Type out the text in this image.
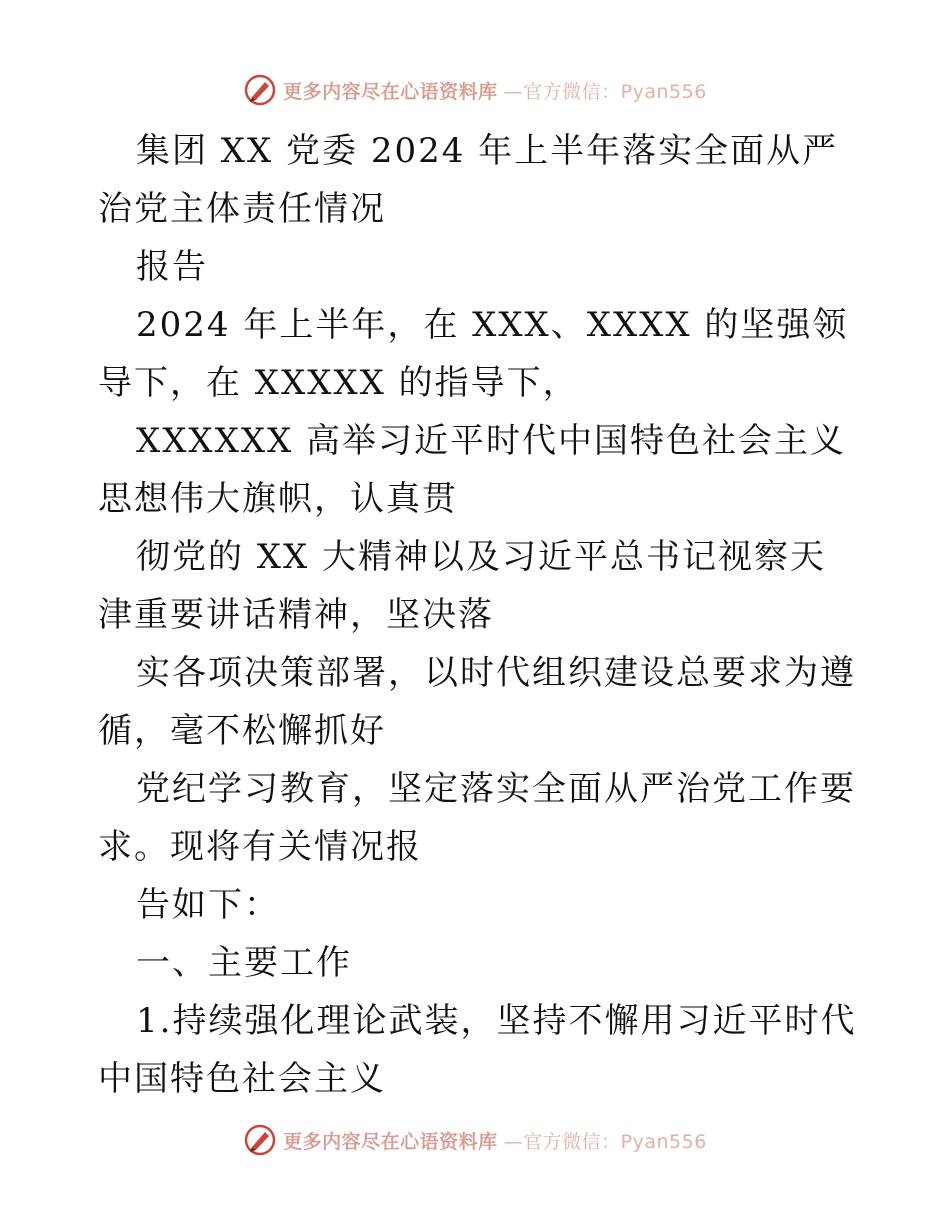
更多内容尽在心语资料库 —官方微信：Pyan556

集团 XX 党委 2024 年上半年落实全面从严治党主体责任情况

报告

2024 年上半年，在 XXX、XXXX 的坚强领导下，在 XXXXX 的指导下，

XXXXXX 高举习近平时代中国特色社会主义思想伟大旗帜，认真贯

彻党的 XX 大精神以及习近平总书记视察天津重要讲话精神，坚决落

实各项决策部署，以时代组织建设总要求为遵循，毫不松懈抓好

党纪学习教育，坚定落实全面从严治党工作要求。现将有关情况报

告如下：

一、主要工作

1.持续强化理论武装，坚持不懈用习近平时代中国特色社会主义

更多内容尽在心语资料库 —官方微信：Pyan556
